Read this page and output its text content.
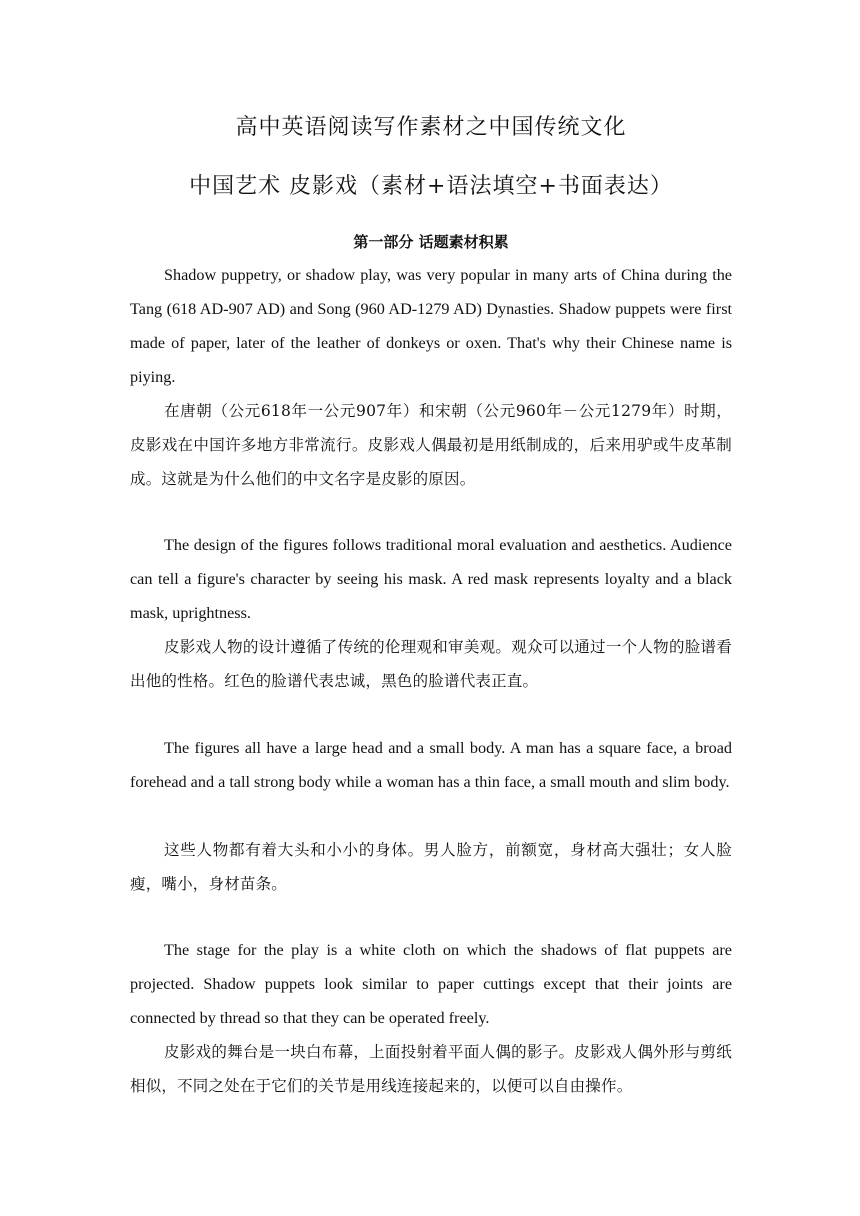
高中英语阅读写作素材之中国传统文化
中国艺术 皮影戏（素材+语法填空+书面表达）
第一部分 话题素材积累

Shadow puppetry, or shadow play, was very popular in many arts of China during the Tang (618 AD-907 AD) and Song (960 AD-1279 AD) Dynasties. Shadow puppets were first made of paper, later of the leather of donkeys or oxen. That's why their Chinese name is piying.

在唐朝（公元618年一公元907年）和宋朝（公元960年－公元1279年）时期，皮影戏在中国许多地方非常流行。皮影戏人偶最初是用纸制成的，后来用驴或牛皮革制成。这就是为什么他们的中文名字是皮影的原因。

The design of the figures follows traditional moral evaluation and aesthetics. Audience can tell a figure's character by seeing his mask. A red mask represents loyalty and a black mask, uprightness.

皮影戏人物的设计遵循了传统的伦理观和审美观。观众可以通过一个人物的脸谱看出他的性格。红色的脸谱代表忠诚，黑色的脸谱代表正直。

The figures all have a large head and a small body. A man has a square face, a broad forehead and a tall strong body while a woman has a thin face, a small mouth and slim body.

这些人物都有着大头和小小的身体。男人脸方，前额宽，身材高大强壮；女人脸瘦，嘴小，身材苗条。

The stage for the play is a white cloth on which the shadows of flat puppets are projected. Shadow puppets look similar to paper cuttings except that their joints are connected by thread so that they can be operated freely.

皮影戏的舞台是一块白布幕，上面投射着平面人偶的影子。皮影戏人偶外形与剪纸相似，不同之处在于它们的关节是用线连接起来的，以便可以自由操作。
